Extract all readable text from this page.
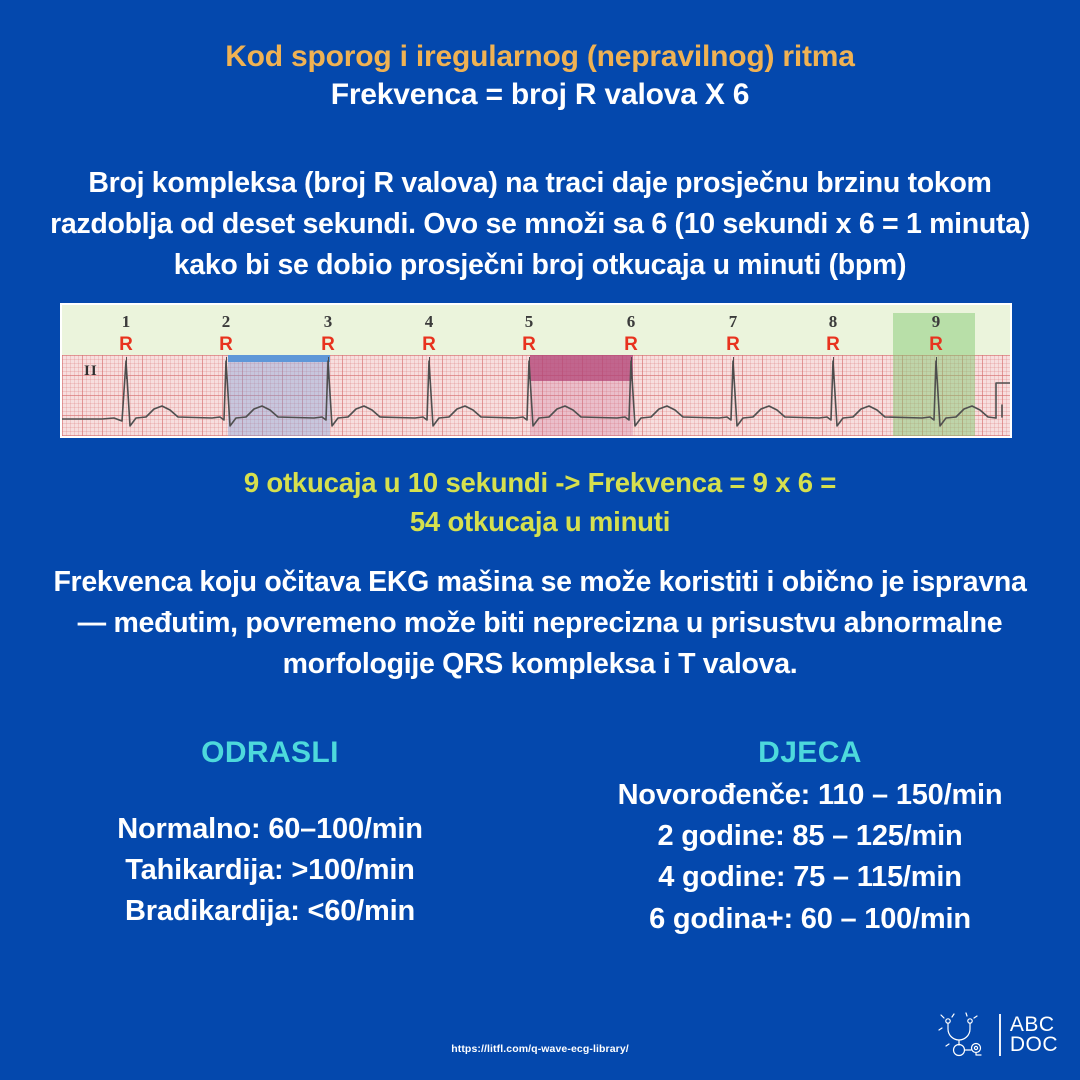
Kod sporog i iregularnog (nepravilnog) ritma
Frekvenca = broj R valova X 6
Broj kompleksa (broj R valova) na traci daje prosječnu brzinu tokom razdoblja od deset sekundi. Ovo se množi sa 6 (10 sekundi x 6 = 1 minuta) kako bi se dobio prosječni broj otkucaja u minuti (bpm)
II
1
R
2
R
3
R
4
R
5
R
6
R
7
R
8
R
9
R
9 otkucaja u 10 sekundi -> Frekvenca = 9 x 6 =
54 otkucaja u minuti
Frekvenca koju očitava EKG mašina se može koristiti i obično je ispravna — međutim, povremeno može biti neprecizna u prisustvu abnormalne morfologije QRS kompleksa i T valova.
ODRASLI
Normalno: 60–100/min
Tahikardija: >100/min
Bradikardija: <60/min
DJECA
Novorođenče: 110 – 150/min
2 godine: 85 – 125/min
4 godine: 75 – 115/min
6 godina+: 60 – 100/min
https://litfl.com/q-wave-ecg-library/
ABC
DOC
